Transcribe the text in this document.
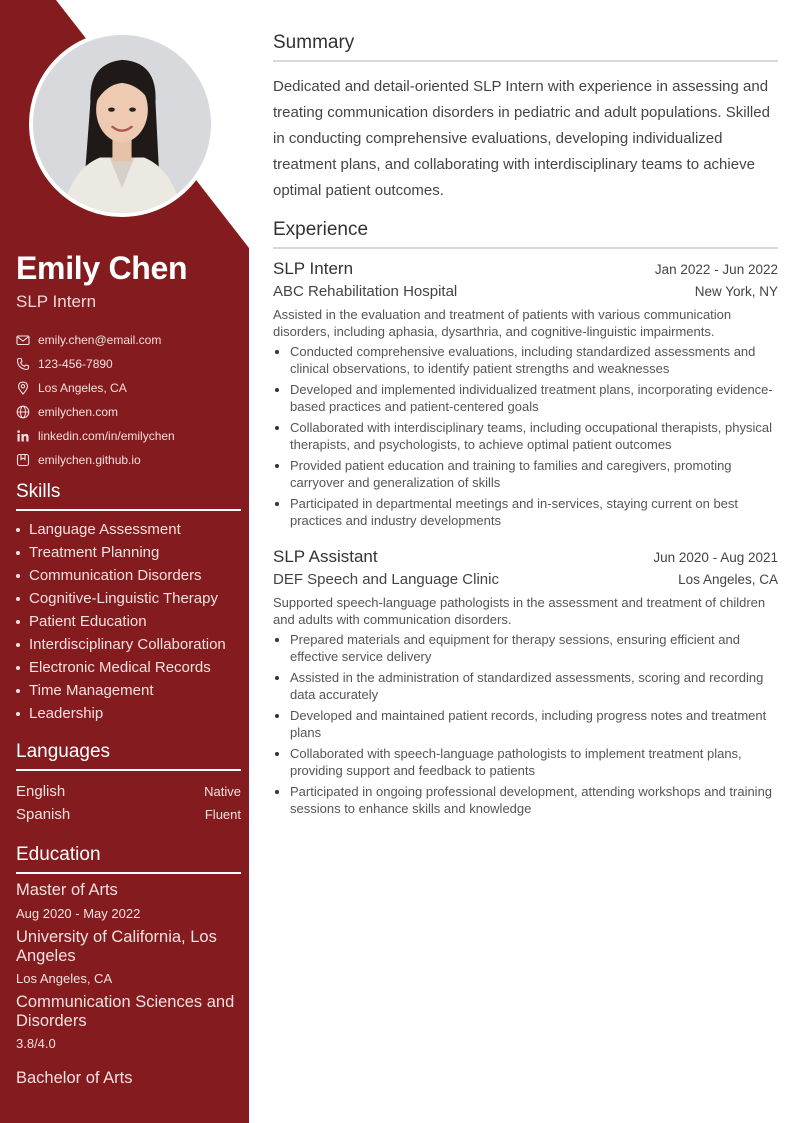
Emily Chen
SLP Intern
emily.chen@email.com
123-456-7890
Los Angeles, CA
emilychen.com
linkedin.com/in/emilychen
emilychen.github.io
Skills
Language Assessment
Treatment Planning
Communication Disorders
Cognitive-Linguistic Therapy
Patient Education
Interdisciplinary Collaboration
Electronic Medical Records
Time Management
Leadership
Languages
English	Native
Spanish	Fluent
Education
Master of Arts
Aug 2020 - May 2022
University of California, Los Angeles
Los Angeles, CA
Communication Sciences and Disorders
3.8/4.0
Bachelor of Arts
Summary
Dedicated and detail-oriented SLP Intern with experience in assessing and treating communication disorders in pediatric and adult populations. Skilled in conducting comprehensive evaluations, developing individualized treatment plans, and collaborating with interdisciplinary teams to achieve optimal patient outcomes.
Experience
SLP Intern	Jan 2022 - Jun 2022
ABC Rehabilitation Hospital	New York, NY
Assisted in the evaluation and treatment of patients with various communication disorders, including aphasia, dysarthria, and cognitive-linguistic impairments.
Conducted comprehensive evaluations, including standardized assessments and clinical observations, to identify patient strengths and weaknesses
Developed and implemented individualized treatment plans, incorporating evidence-based practices and patient-centered goals
Collaborated with interdisciplinary teams, including occupational therapists, physical therapists, and psychologists, to achieve optimal patient outcomes
Provided patient education and training to families and caregivers, promoting carryover and generalization of skills
Participated in departmental meetings and in-services, staying current on best practices and industry developments
SLP Assistant	Jun 2020 - Aug 2021
DEF Speech and Language Clinic	Los Angeles, CA
Supported speech-language pathologists in the assessment and treatment of children and adults with communication disorders.
Prepared materials and equipment for therapy sessions, ensuring efficient and effective service delivery
Assisted in the administration of standardized assessments, scoring and recording data accurately
Developed and maintained patient records, including progress notes and treatment plans
Collaborated with speech-language pathologists to implement treatment plans, providing support and feedback to patients
Participated in ongoing professional development, attending workshops and training sessions to enhance skills and knowledge
